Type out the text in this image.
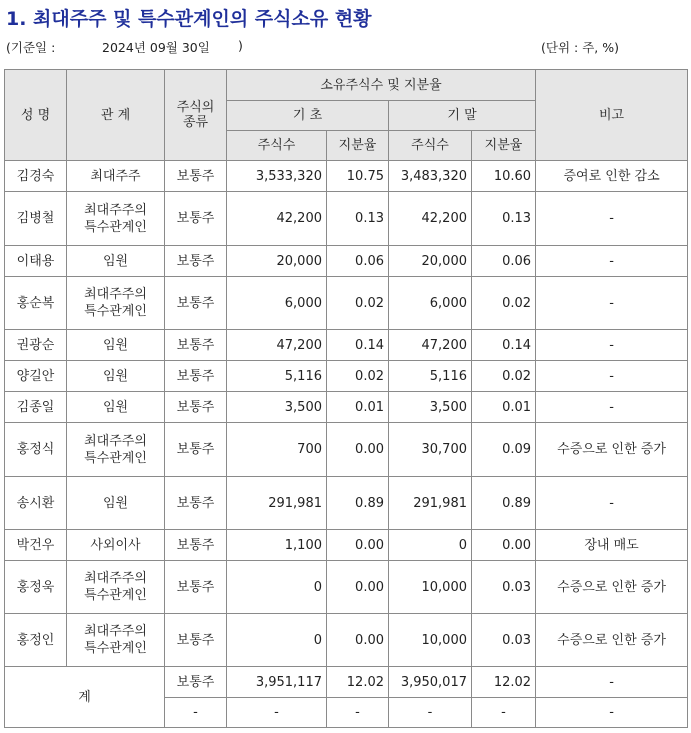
1. 최대주주 및 특수관계인의 주식소유 현황
(기준일 :	2024년 09월 30일 )	(단위 : 주, %)
성 명	관 계	주식의
종류	소유주식수 및 지분율				비고
			기 초		기 말		
			주식수	지분율	주식수	지분율	
김경숙	최대주주	보통주	3,533,320	10.75	3,483,320	10.60	증여로 인한 감소
김병철	최대주주의
특수관계인	보통주	42,200	0.13	42,200	0.13	-
이태용	임원	보통주	20,000	0.06	20,000	0.06	-
홍순복	최대주주의
특수관계인	보통주	6,000	0.02	6,000	0.02	-
권광순	임원	보통주	47,200	0.14	47,200	0.14	-
양길안	임원	보통주	5,116	0.02	5,116	0.02	-
김종일	임원	보통주	3,500	0.01	3,500	0.01	-
홍정식	최대주주의
특수관계인	보통주	700	0.00	30,700	0.09	수증으로 인한 증가
송시환	임원	보통주	291,981	0.89	291,981	0.89	-
박건우	사외이사	보통주	1,100	0.00	0	0.00	장내 매도
홍정욱	최대주주의
특수관계인	보통주	0	0.00	10,000	0.03	수증으로 인한 증가
홍정인	최대주주의
특수관계인	보통주	0	0.00	10,000	0.03	수증으로 인한 증가
계		보통주	3,951,117	12.02	3,950,017	12.02	-
		-	-	-	-	-	-
